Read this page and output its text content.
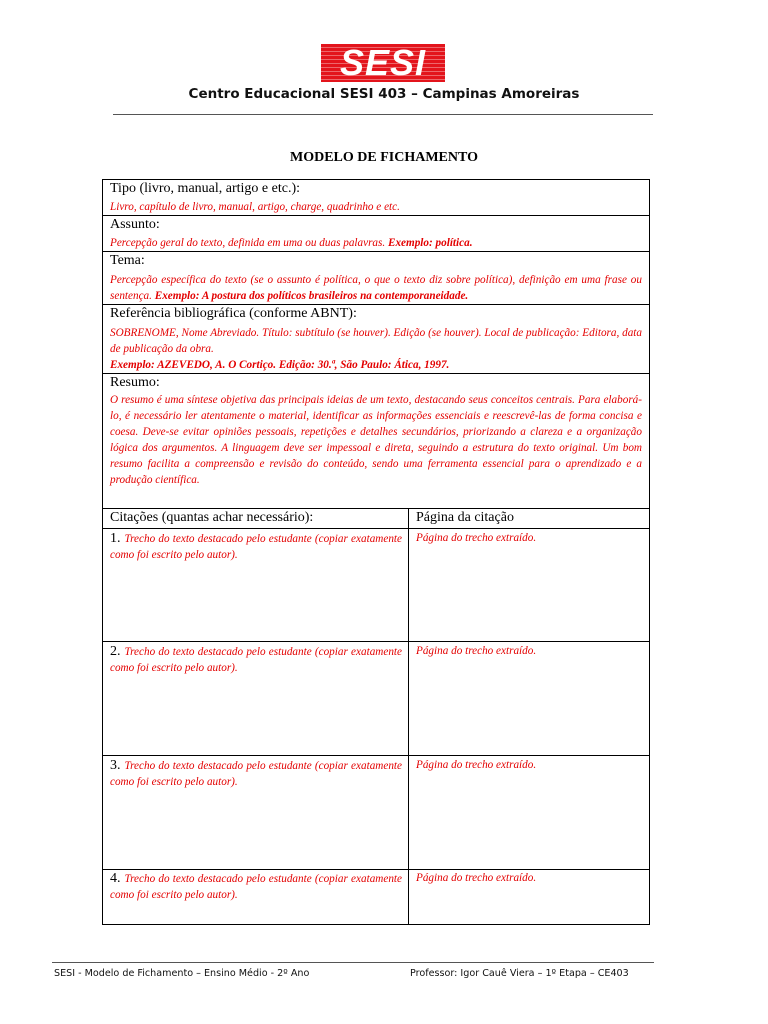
SESI
Centro Educacional SESI 403 – Campinas Amoreiras
MODELO DE FICHAMENTO
Tipo (livro, manual, artigo e etc.):
Livro, capítulo de livro, manual, artigo, charge, quadrinho e etc.
Assunto:
Percepção geral do texto, definida em uma ou duas palavras. Exemplo: política.
Tema:
Percepção específica do texto (se o assunto é política, o que o texto diz sobre política), definição em uma frase ou sentença. Exemplo: A postura dos políticos brasileiros na contemporaneidade.
Referência bibliográfica (conforme ABNT):
SOBRENOME, Nome Abreviado. Título: subtítulo (se houver). Edição (se houver). Local de publicação: Editora, data de publicação da obra.
Exemplo: AZEVEDO, A. O Cortiço. Edição: 30.ª, São Paulo: Ática, 1997.
Resumo:
O resumo é uma síntese objetiva das principais ideias de um texto, destacando seus conceitos centrais. Para elaborá-lo, é necessário ler atentamente o material, identificar as informações essenciais e reescrevê-las de forma concisa e coesa. Deve-se evitar opiniões pessoais, repetições e detalhes secundários, priorizando a clareza e a organização lógica dos argumentos. A linguagem deve ser impessoal e direta, seguindo a estrutura do texto original. Um bom resumo facilita a compreensão e revisão do conteúdo, sendo uma ferramenta essencial para o aprendizado e a produção científica.
Citações (quantas achar necessário):	Página da citação
1. Trecho do texto destacado pelo estudante (copiar exatamente como foi escrito pelo autor).
Página do trecho extraído.
2. Trecho do texto destacado pelo estudante (copiar exatamente como foi escrito pelo autor).
Página do trecho extraído.
3. Trecho do texto destacado pelo estudante (copiar exatamente como foi escrito pelo autor).
Página do trecho extraído.
4. Trecho do texto destacado pelo estudante (copiar exatamente como foi escrito pelo autor).
Página do trecho extraído.
SESI - Modelo de Fichamento – Ensino Médio - 2º Ano	Professor: Igor Cauê Viera – 1º Etapa – CE403
